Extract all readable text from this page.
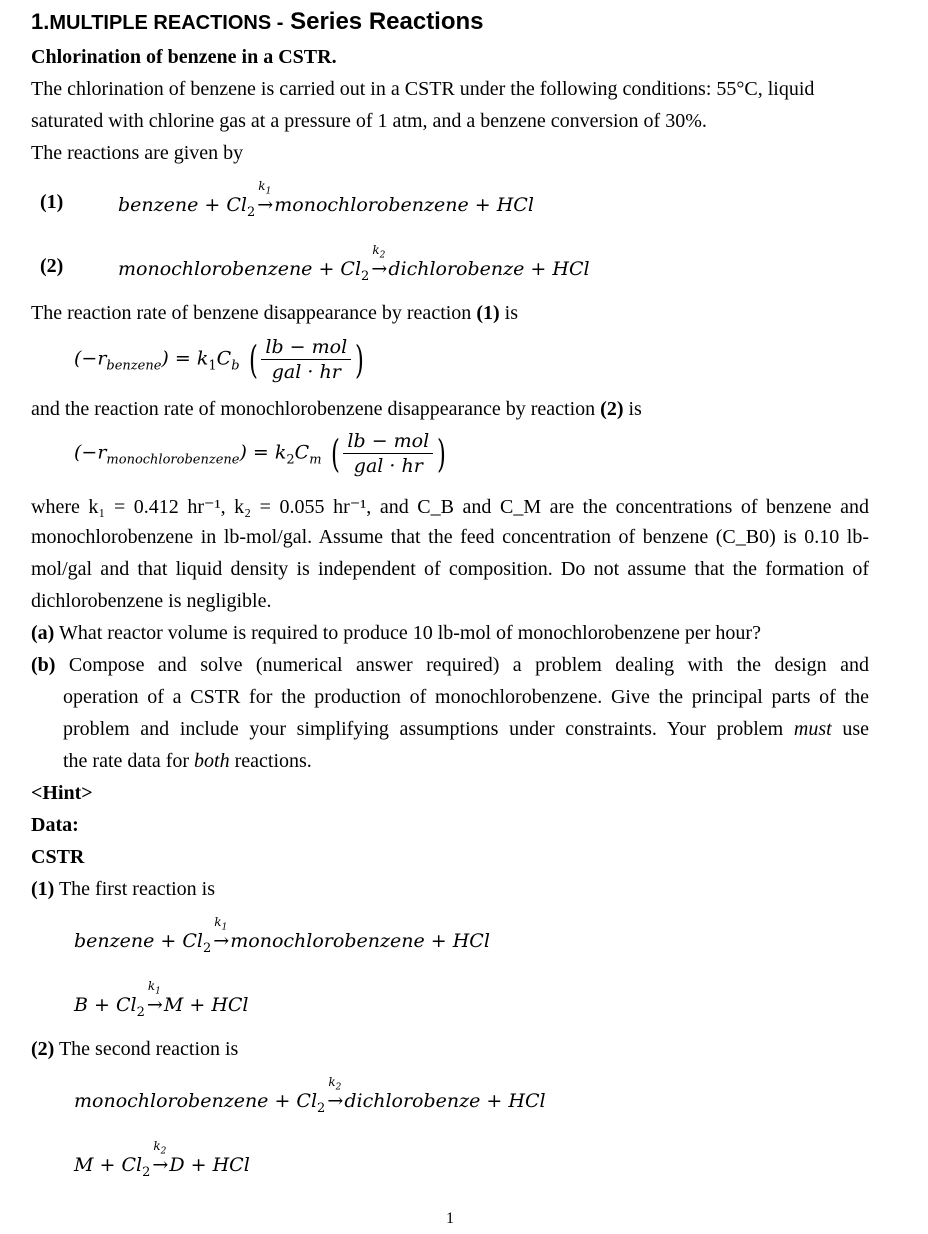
1.MULTIPLE REACTIONS - Series Reactions
Chlorination of benzene in a CSTR.
The chlorination of benzene is carried out in a CSTR under the following conditions: 55°C, liquid
saturated with chlorine gas at a pressure of 1 atm, and a benzene conversion of 30%.
The reactions are given by
(1)	benzene + $Cl_2$
$k_1$
→monochlorobenzene + HCl
(2)	monochlorobenzene + $Cl_2$
$k_2$
→dichlorobenze + HCl
The reaction rate of benzene disappearance by reaction (1) is
$(-r_{benzene}) = k_1C_b$ ( $\frac{\text{lb − mol}}{\text{gal · hr}}$ )
and the reaction rate of monochlorobenzene disappearance by reaction (2) is
$(-r_{monochlorobenzene}) = k_2C_m$ ( $\frac{\text{lb − mol}}{\text{gal · hr}}$ )
where k₁ = 0.412 hr⁻¹, k₂ = 0.055 hr⁻¹, and C_B and C_M are the concentrations of benzene and
monochlorobenzene in lb-mol/gal. Assume that the feed concentration of benzene (C_B0) is 0.10 lb-
mol/gal and that liquid density is independent of composition. Do not assume that the formation of
dichlorobenzene is negligible.
(a) What reactor volume is required to produce 10 lb-mol of monochlorobenzene per hour?
(b) Compose and solve (numerical answer required) a problem dealing with the design and
operation of a CSTR for the production of monochlorobenzene. Give the principal parts of the
problem and include your simplifying assumptions under constraints. Your problem must use
the rate data for both reactions.
<Hint>
Data:
CSTR
(1) The first reaction is
benzene + $Cl_2$
$k_1$
→monochlorobenzene + HCl
$B + Cl_2$
$k_1$
→M + HCl
(2) The second reaction is
monochlorobenzene + $Cl_2$
$k_2$
→dichlorobenze + HCl
$M + Cl_2$
$k_2$
→D + HCl
1
